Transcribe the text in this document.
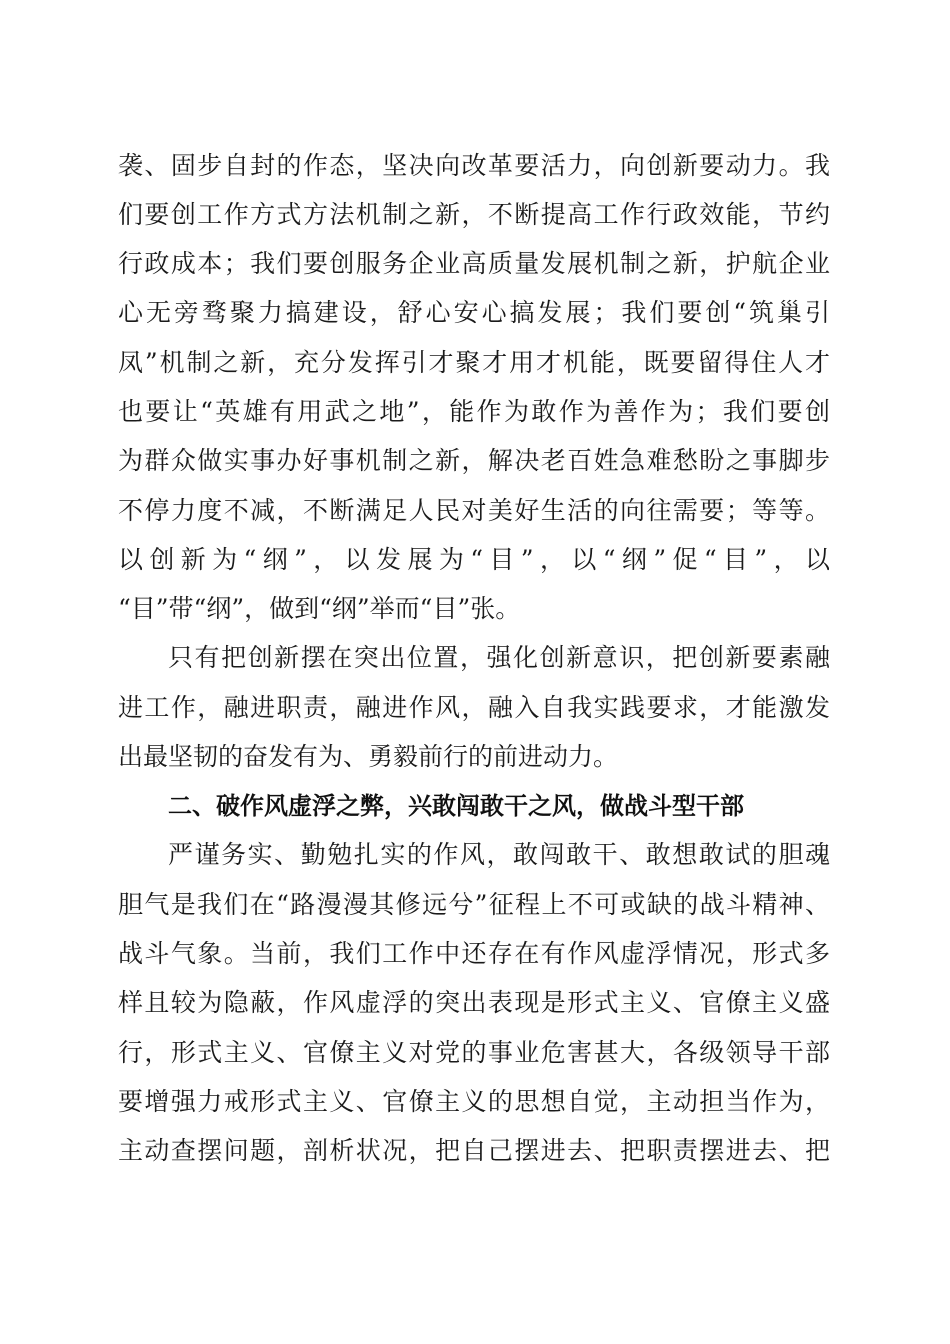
袭、固步自封的作态，坚决向改革要活力，向创新要动力。我
们要创工作方式方法机制之新，不断提高工作行政效能，节约
行政成本；我们要创服务企业高质量发展机制之新，护航企业
心无旁骛聚力搞建设，舒心安心搞发展；我们要创“筑巢引
凤”机制之新，充分发挥引才聚才用才机能，既要留得住人才
也要让“英雄有用武之地”，能作为敢作为善作为；我们要创
为群众做实事办好事机制之新，解决老百姓急难愁盼之事脚步
不停力度不减，不断满足人民对美好生活的向往需要；等等。
以创新为“纲”，以发展为“目”，以“纲”促“目”，以
“目”带“纲”，做到“纲”举而“目”张。
只有把创新摆在突出位置，强化创新意识，把创新要素融
进工作，融进职责，融进作风，融入自我实践要求，才能激发
出最坚韧的奋发有为、勇毅前行的前进动力。
二、破作风虚浮之弊，兴敢闯敢干之风，做战斗型干部
严谨务实、勤勉扎实的作风，敢闯敢干、敢想敢试的胆魂
胆气是我们在“路漫漫其修远兮”征程上不可或缺的战斗精神、
战斗气象。当前，我们工作中还存在有作风虚浮情况，形式多
样且较为隐蔽，作风虚浮的突出表现是形式主义、官僚主义盛
行，形式主义、官僚主义对党的事业危害甚大，各级领导干部
要增强力戒形式主义、官僚主义的思想自觉，主动担当作为，
主动查摆问题，剖析状况，把自己摆进去、把职责摆进去、把
